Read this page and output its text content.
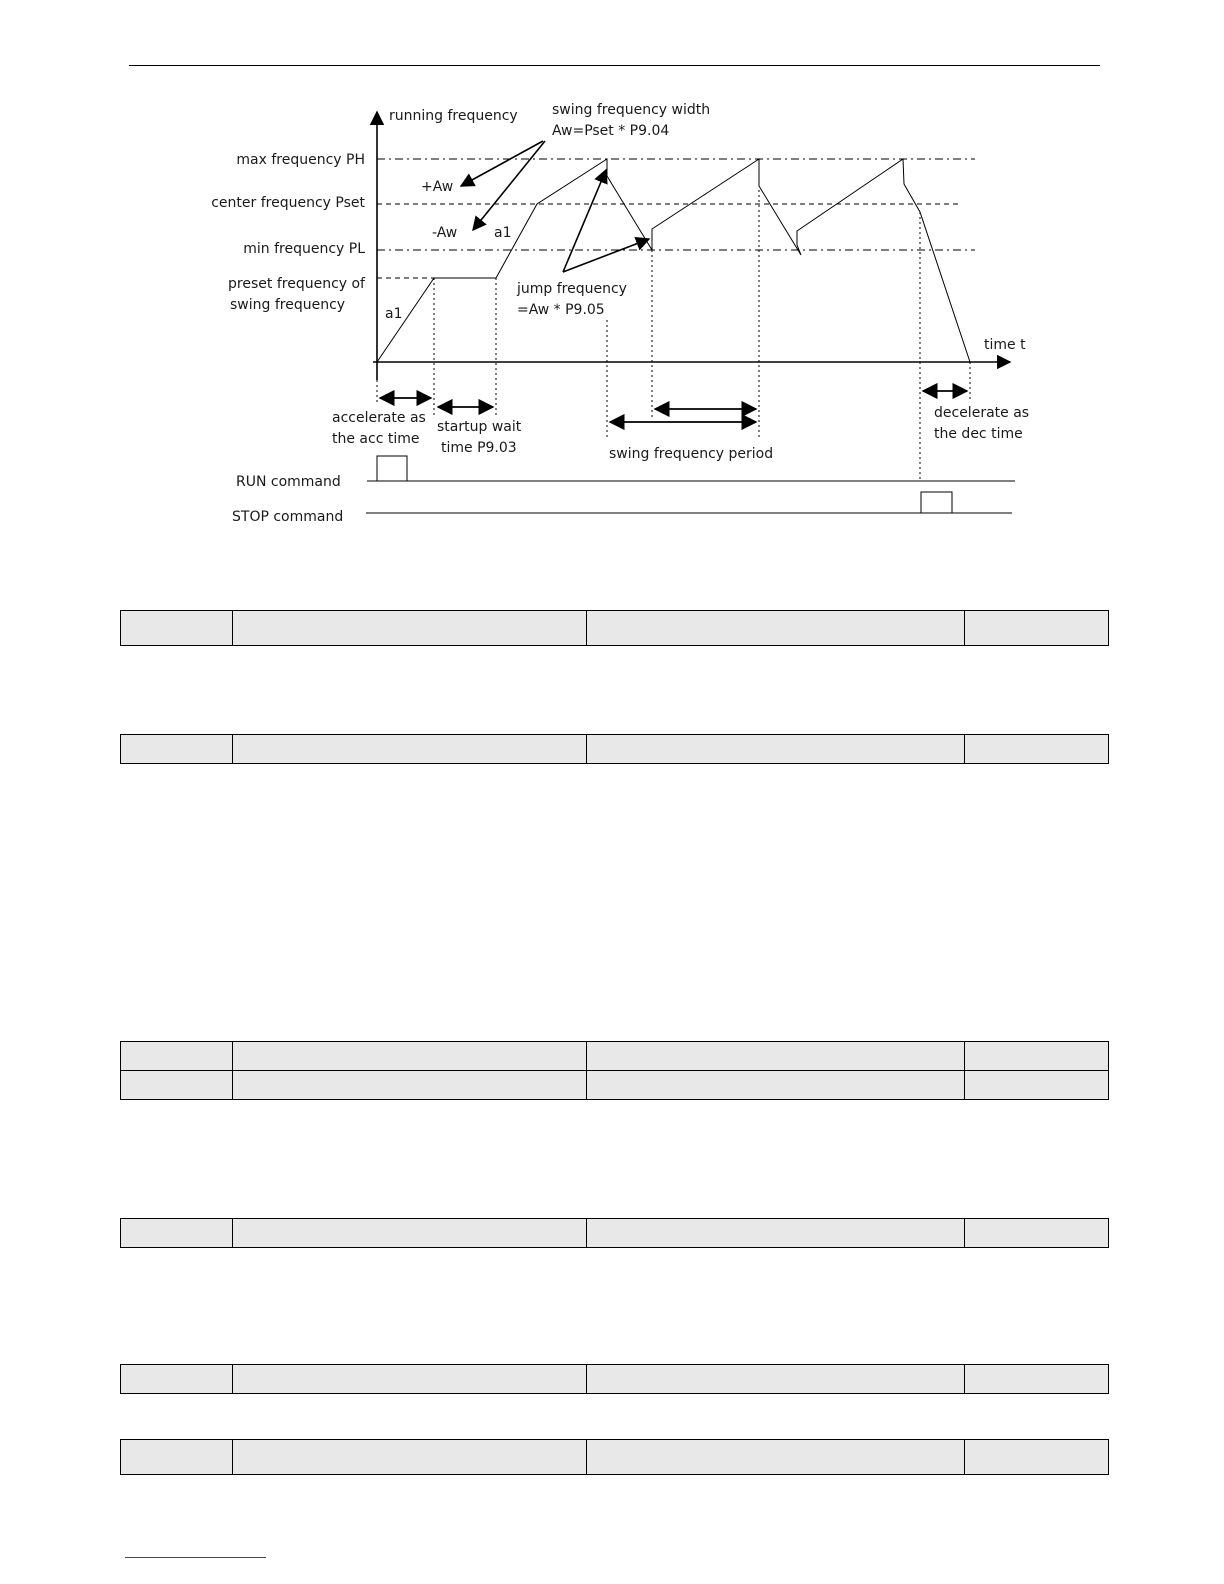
running frequency
time t
max frequency PH
center frequency Pset
min frequency PL
preset frequency of
swing frequency
swing frequency width
Aw=Pset * P9.04
+Aw
-Aw	a1
a1
jump frequency
=Aw * P9.05
accelerate as
the acc time
startup wait
time P9.03	swing frequency period
decelerate as
the dec time
RUN command
STOP command
